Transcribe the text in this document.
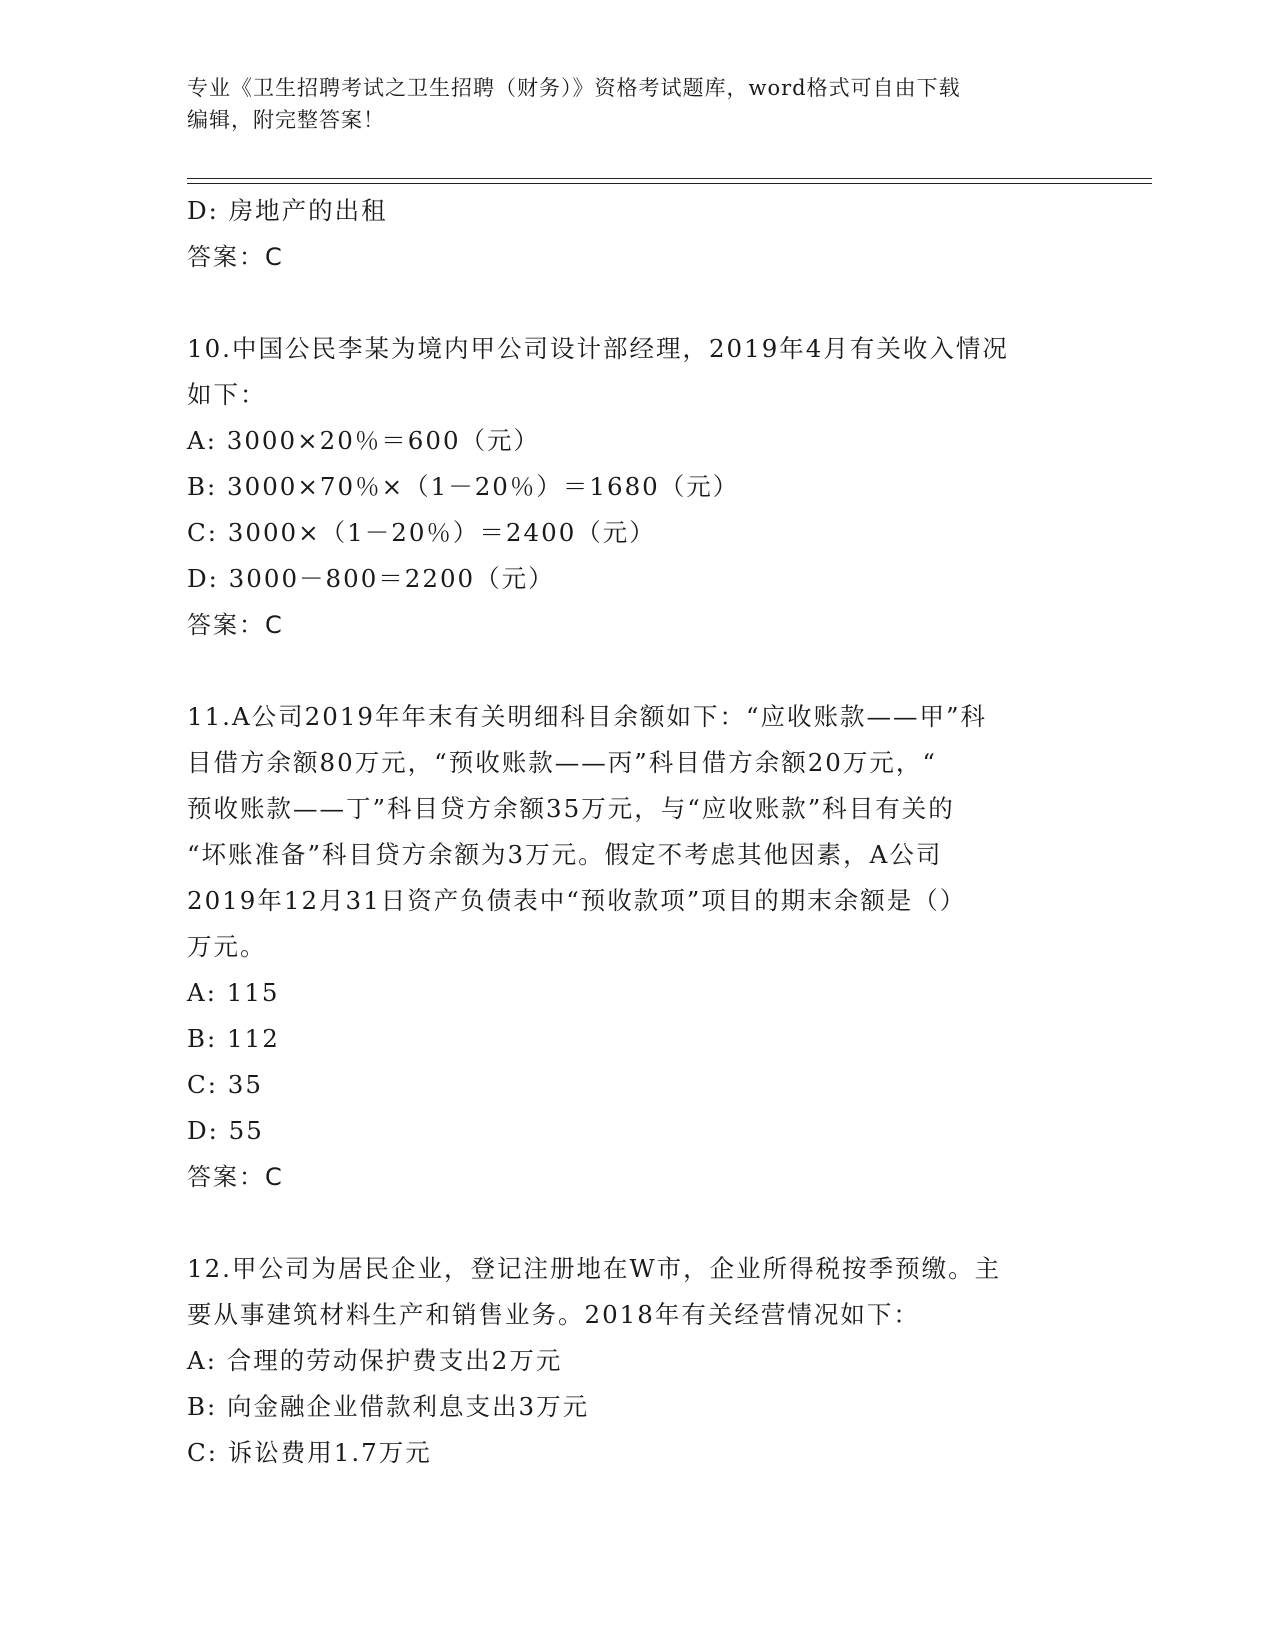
专业《卫生招聘考试之卫生招聘（财务）》资格考试题库，word格式可自由下载
编辑，附完整答案！
D: 房地产的出租
答案：C
10.中国公民李某为境内甲公司设计部经理，2019年4月有关收入情况
如下：
A: 3000×20％＝600（元）
B: 3000×70％×（1－20％）＝1680（元）
C: 3000×（1－20％）＝2400（元）
D: 3000－800＝2200（元）
答案：C
11.A公司2019年年末有关明细科目余额如下：“应收账款——甲”科
目借方余额80万元，“预收账款——丙”科目借方余额20万元，“
预收账款——丁”科目贷方余额35万元，与“应收账款”科目有关的
“坏账准备”科目贷方余额为3万元。假定不考虑其他因素，A公司
2019年12月31日资产负债表中“预收款项”项目的期末余额是（）
万元。
A: 115
B: 112
C: 35
D: 55
答案：C
12.甲公司为居民企业，登记注册地在W市，企业所得税按季预缴。主
要从事建筑材料生产和销售业务。2018年有关经营情况如下：
A: 合理的劳动保护费支出2万元
B: 向金融企业借款利息支出3万元
C: 诉讼费用1.7万元
